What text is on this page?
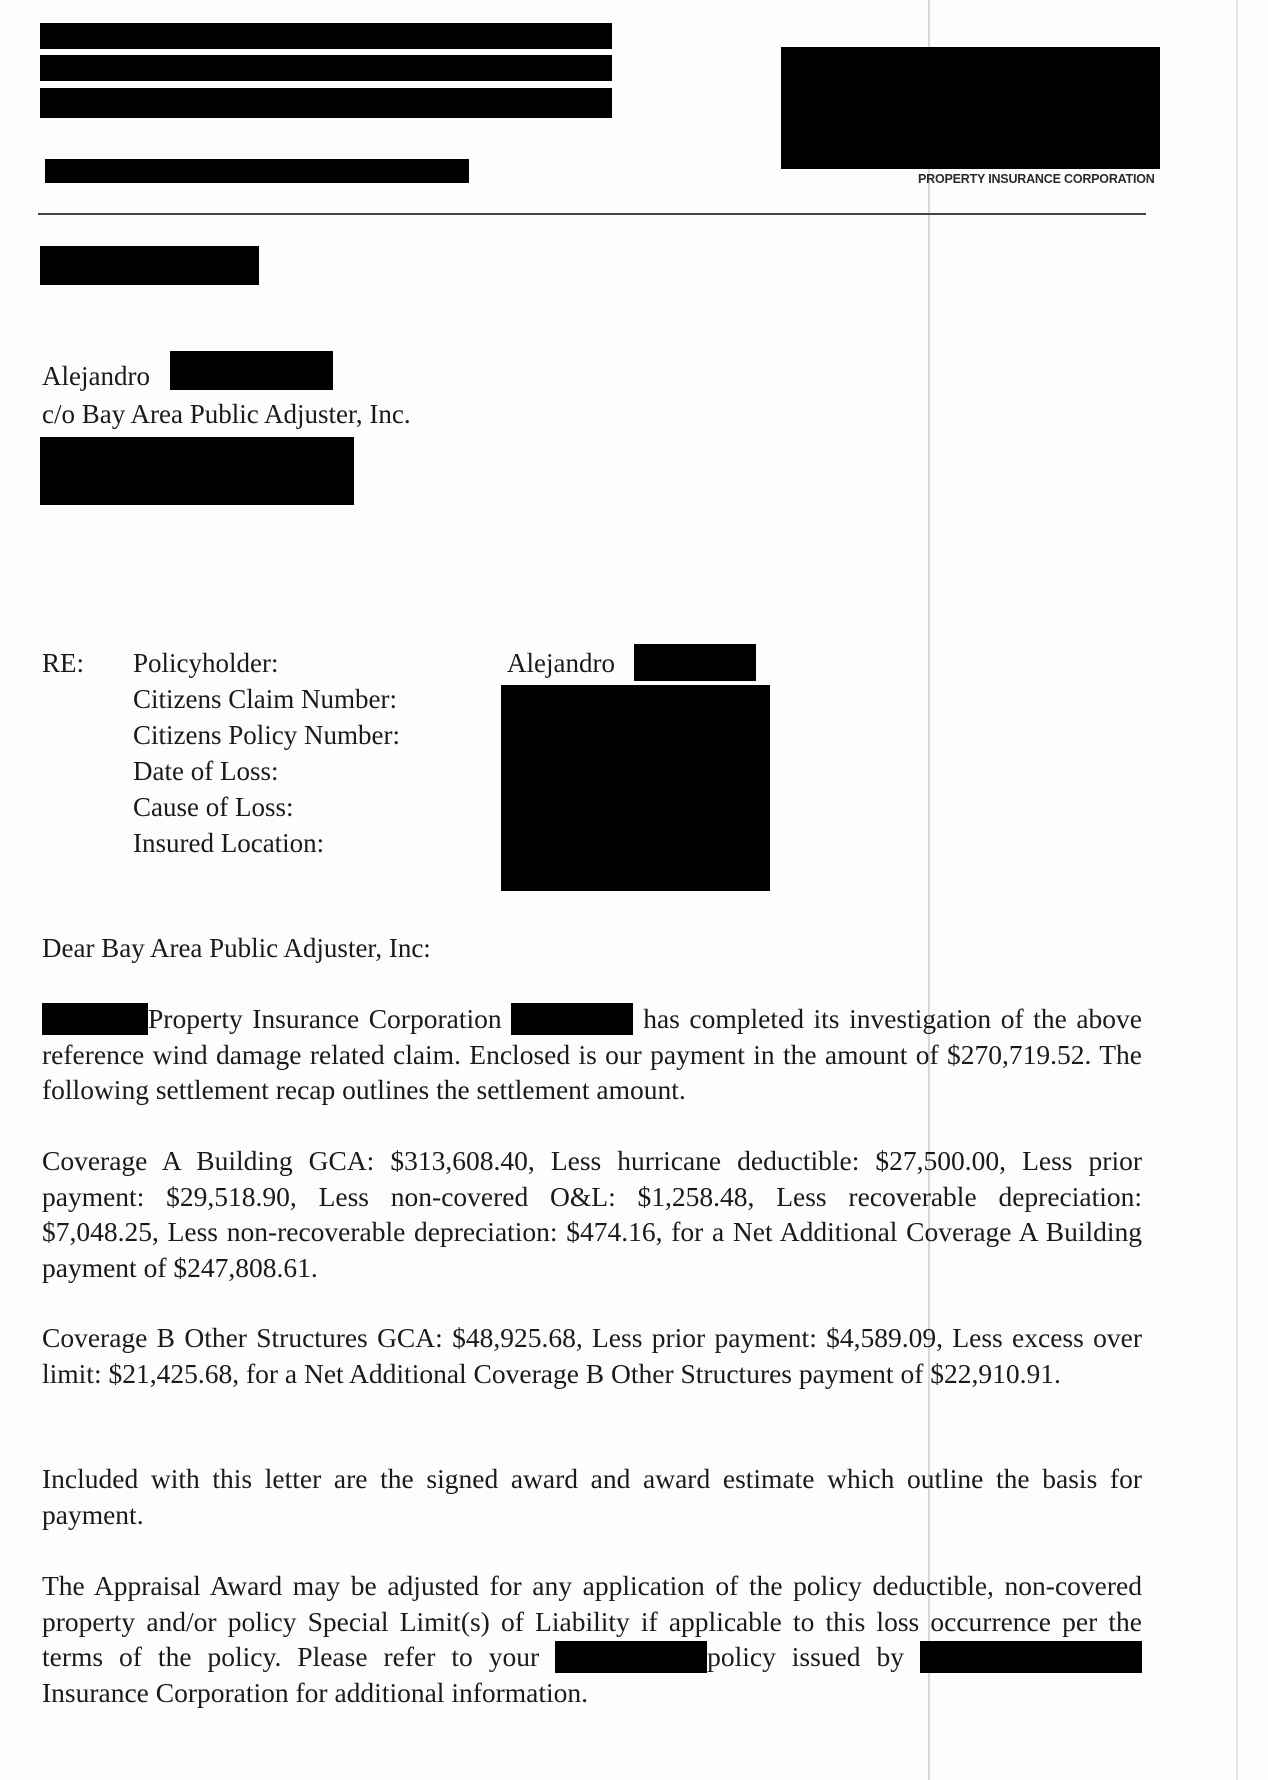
PROPERTY INSURANCE CORPORATION
Alejandro
c/o Bay Area Public Adjuster, Inc.
RE: Policyholder:
Citizens Claim Number:
Citizens Policy Number:
Date of Loss:
Cause of Loss:
Insured Location:
Alejandro
Dear Bay Area Public Adjuster, Inc:
Property Insurance Corporation	has completed its investigation of the above reference wind damage related claim. Enclosed is our payment in the amount of $270,719.52. The following settlement recap outlines the settlement amount.
Coverage A Building GCA: $313,608.40, Less hurricane deductible: $27,500.00, Less prior payment: $29,518.90, Less non-covered O&L: $1,258.48, Less recoverable depreciation: $7,048.25, Less non-recoverable depreciation: $474.16, for a Net Additional Coverage A Building payment of $247,808.61.
Coverage B Other Structures GCA: $48,925.68, Less prior payment: $4,589.09, Less excess over limit: $21,425.68, for a Net Additional Coverage B Other Structures payment of $22,910.91.
Included with this letter are the signed award and award estimate which outline the basis for payment.
The Appraisal Award may be adjusted for any application of the policy deductible, non-covered property and/or policy Special Limit(s) of Liability if applicable to this loss occurrence per the terms of the policy. Please refer to your	policy issued by Insurance Corporation for additional information.
